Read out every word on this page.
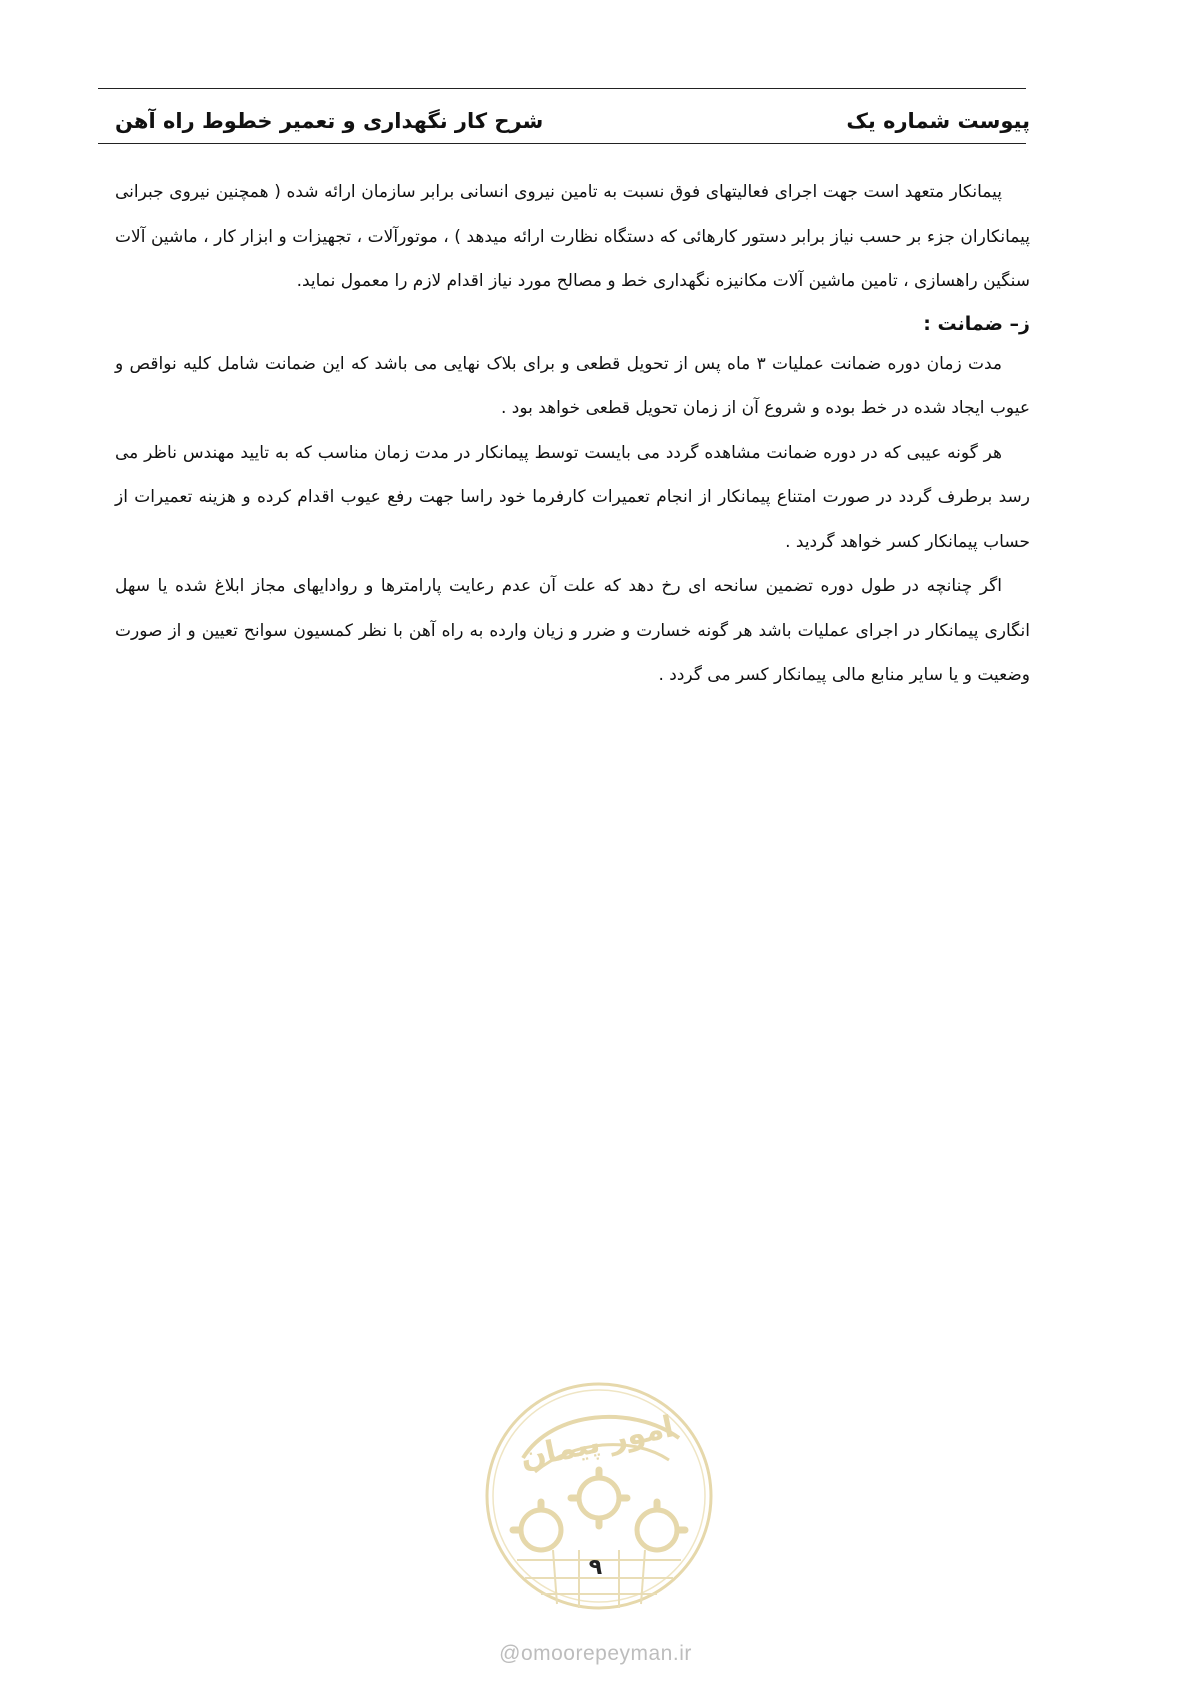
پیوست شماره یک
شرح کار نگهداری و تعمیر خطوط راه آهن

پیمانکار متعهد است جهت اجرای فعالیتهای فوق نسبت به تامین نیروی انسانی برابر سازمان ارائه شده ( همچنین نیروی جبرانی پیمانکاران جزء بر حسب نیاز برابر دستور کارهائی که دستگاه نظارت ارائه میدهد ) ، موتورآلات ، تجهیزات و ابزار کار ، ماشین آلات سنگین راهسازی ، تامین ماشین آلات مکانیزه نگهداری خط و مصالح مورد نیاز اقدام لازم را معمول نماید.

ز– ضمانت :

مدت زمان دوره ضمانت عملیات ۳ ماه پس از تحویل قطعی و برای بلاک نهایی می باشد که این ضمانت شامل کلیه نواقص و عیوب ایجاد شده در خط بوده و شروع آن از زمان تحویل قطعی خواهد بود .

هر گونه عیبی که در دوره ضمانت مشاهده گردد می بایست توسط پیمانکار در مدت زمان مناسب که به تایید مهندس ناظر می رسد برطرف گردد در صورت امتناع پیمانکار از انجام تعمیرات کارفرما خود راسا جهت رفع عیوب اقدام کرده و هزینه تعمیرات از حساب پیمانکار کسر خواهد گردید .

اگر چنانچه در طول دوره تضمین سانحه ای رخ دهد که علت آن عدم رعایت پارامترها و روادایهای مجاز ابلاغ شده یا سهل انگاری پیمانکار در اجرای عملیات باشد هر گونه خسارت و ضرر و زیان وارده به راه آهن با نظر کمسیون سوانح تعیین و از صورت وضعیت و یا سایر منابع مالی پیمانکار کسر می گردد .

امور پیمان
۹
@omoorepeyman.ir
